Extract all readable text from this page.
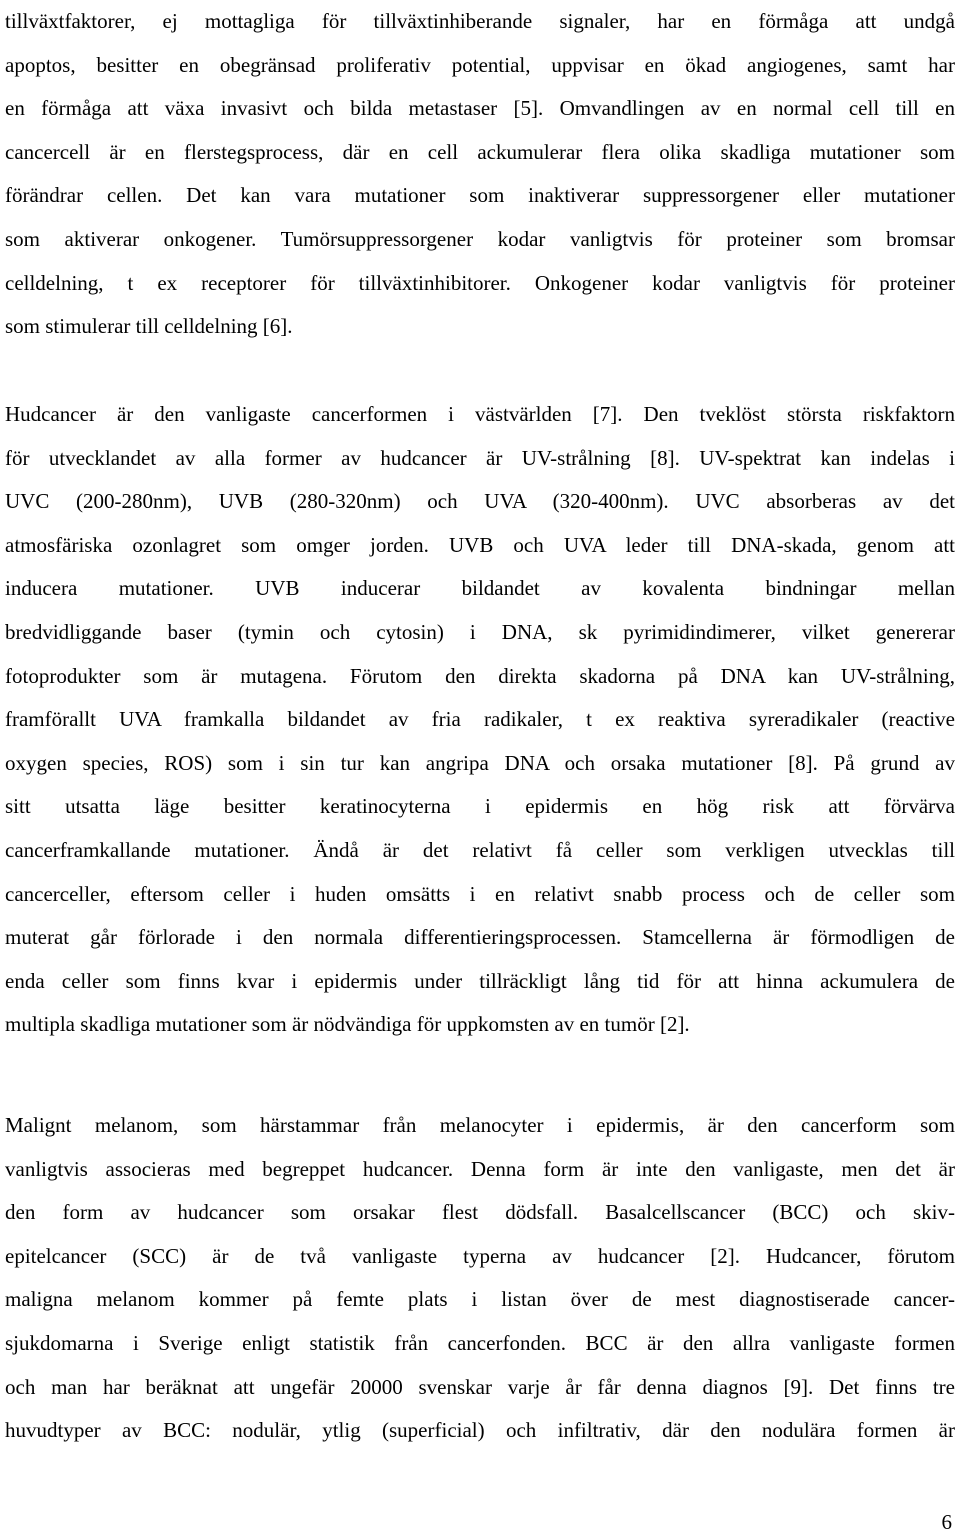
tillväxtfaktorer, ej mottagliga för tillväxtinhiberande signaler, har en förmåga att undgå
apoptos, besitter en obegränsad proliferativ potential, uppvisar en ökad angiogenes, samt har
en förmåga att växa invasivt och bilda metastaser [5]. Omvandlingen av en normal cell till en
cancercell är en flerstegsprocess, där en cell ackumulerar flera olika skadliga mutationer som
förändrar cellen. Det kan vara mutationer som inaktiverar suppressorgener eller mutationer
som aktiverar onkogener. Tumörsuppressorgener kodar vanligtvis för proteiner som bromsar
celldelning, t ex receptorer för tillväxtinhibitorer. Onkogener kodar vanligtvis för proteiner
som stimulerar till celldelning [6].
Hudcancer är den vanligaste cancerformen i västvärlden [7]. Den tveklöst största riskfaktorn
för utvecklandet av alla former av hudcancer är UV-strålning [8]. UV-spektrat kan indelas i
UVC (200-280nm), UVB (280-320nm) och UVA (320-400nm). UVC absorberas av det
atmosfäriska ozonlagret som omger jorden. UVB och UVA leder till DNA-skada, genom att
inducera mutationer. UVB inducerar bildandet av kovalenta bindningar mellan
bredvidliggande baser (tymin och cytosin) i DNA, sk pyrimidindimerer, vilket genererar
fotoprodukter som är mutagena. Förutom den direkta skadorna på DNA kan UV-strålning,
framförallt UVA framkalla bildandet av fria radikaler, t ex reaktiva syreradikaler (reactive
oxygen species, ROS) som i sin tur kan angripa DNA och orsaka mutationer [8]. På grund av
sitt utsatta läge besitter keratinocyterna i epidermis en hög risk att förvärva
cancerframkallande mutationer. Ändå är det relativt få celler som verkligen utvecklas till
cancerceller, eftersom celler i huden omsätts i en relativt snabb process och de celler som
muterat går förlorade i den normala differentieringsprocessen. Stamcellerna är förmodligen de
enda celler som finns kvar i epidermis under tillräckligt lång tid för att hinna ackumulera de
multipla skadliga mutationer som är nödvändiga för uppkomsten av en tumör [2].
Malignt melanom, som härstammar från melanocyter i epidermis, är den cancerform som
vanligtvis associeras med begreppet hudcancer. Denna form är inte den vanligaste, men det är
den form av hudcancer som orsakar flest dödsfall. Basalcellscancer (BCC) och skiv-
epitelcancer (SCC) är de två vanligaste typerna av hudcancer [2]. Hudcancer, förutom
maligna melanom kommer på femte plats i listan över de mest diagnostiserade cancer-
sjukdomarna i Sverige enligt statistik från cancerfonden. BCC är den allra vanligaste formen
och man har beräknat att ungefär 20000 svenskar varje år får denna diagnos [9]. Det finns tre
huvudtyper av BCC: nodulär, ytlig (superficial) och infiltrativ, där den nodulära formen är
6
